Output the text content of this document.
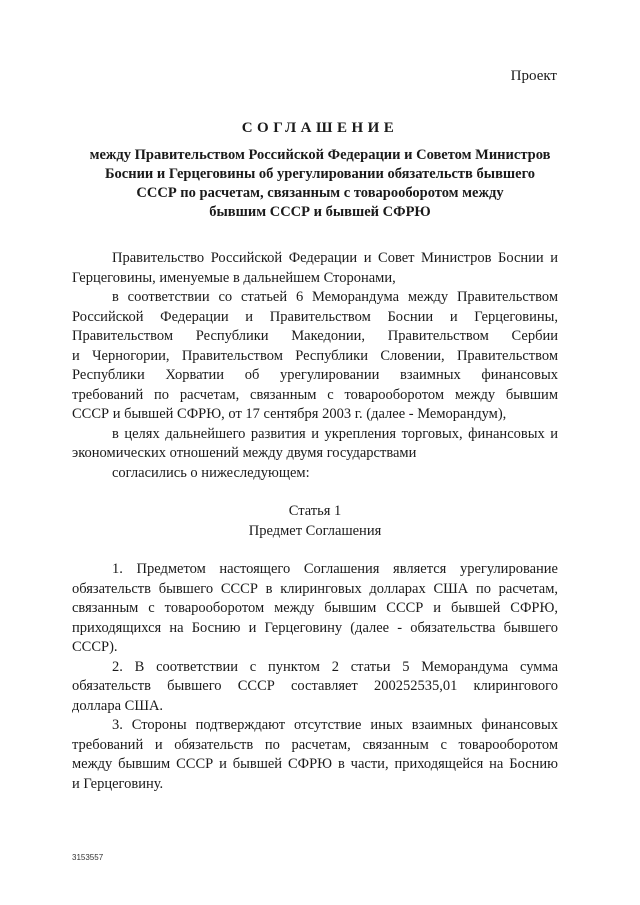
Проект
СОГЛАШЕНИЕ
между Правительством Российской Федерации и Советом Министров
Боснии и Герцеговины об урегулировании обязательств бывшего
СССР по расчетам, связанным с товарооборотом между
бывшим СССР и бывшей СФРЮ
Правительство Российской Федерации и Совет Министров Боснии и
Герцеговины, именуемые в дальнейшем Сторонами,
в соответствии со статьей 6 Меморандума между Правительством
Российской Федерации и Правительством Боснии и Герцеговины,
Правительством Республики Македонии, Правительством Сербии
и Черногории, Правительством Республики Словении, Правительством
Республики Хорватии об урегулировании взаимных финансовых
требований по расчетам, связанным с товарооборотом между бывшим
СССР и бывшей СФРЮ, от 17 сентября 2003 г. (далее - Меморандум),
в целях дальнейшего развития и укрепления торговых, финансовых и
экономических отношений между двумя государствами
согласились о нижеследующем:
Статья 1
Предмет Соглашения
1. Предметом настоящего Соглашения является урегулирование
обязательств бывшего СССР в клиринговых долларах США по расчетам,
связанным с товарооборотом между бывшим СССР и бывшей СФРЮ,
приходящихся на Боснию и Герцеговину (далее - обязательства бывшего
СССР).
2. В соответствии с пунктом 2 статьи 5 Меморандума сумма
обязательств бывшего СССР составляет 200252535,01 клирингового
доллара США.
3. Стороны подтверждают отсутствие иных взаимных финансовых
требований и обязательств по расчетам, связанным с товарооборотом
между бывшим СССР и бывшей СФРЮ в части, приходящейся на Боснию
и Герцеговину.
3153557
